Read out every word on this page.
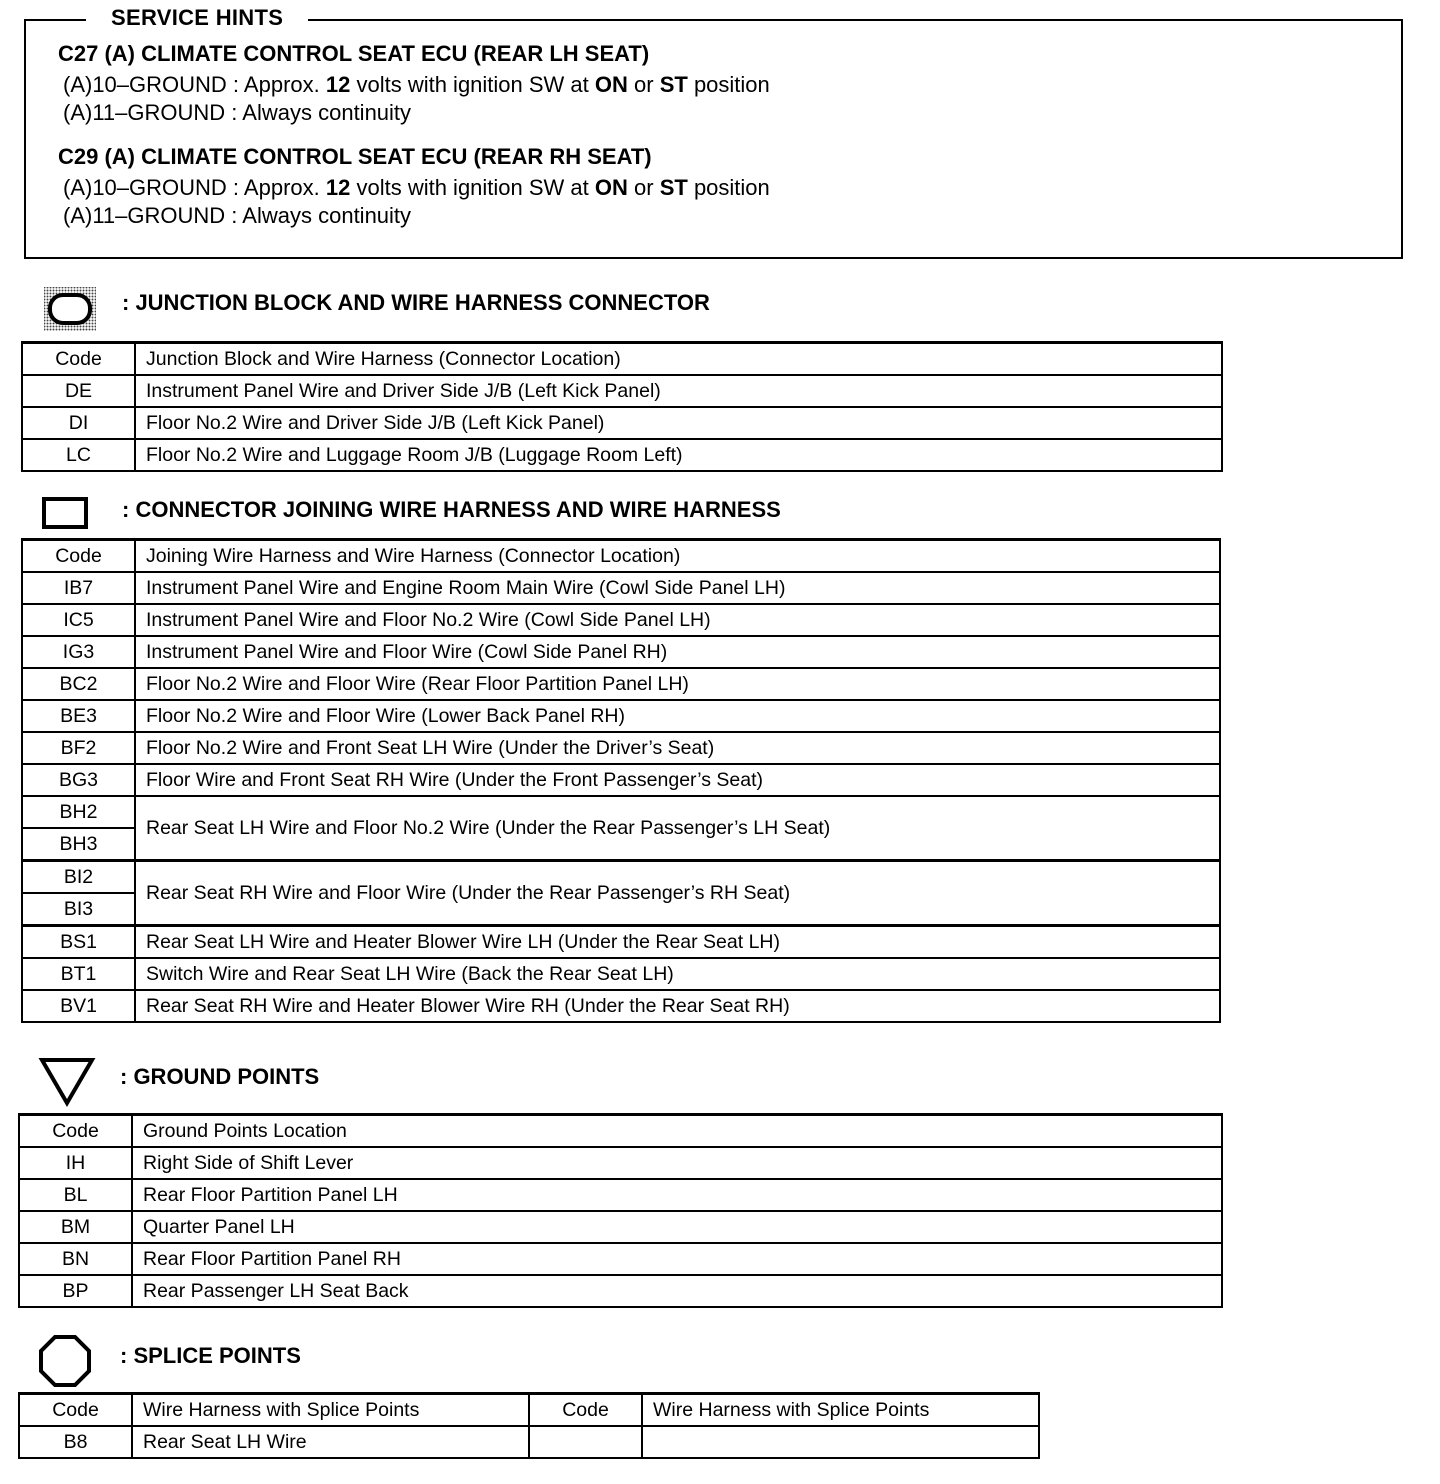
SERVICE HINTS
C27 (A) CLIMATE CONTROL SEAT ECU (REAR LH SEAT)
(A)10–GROUND : Approx. 12 volts with ignition SW at ON or ST position
(A)11–GROUND : Always continuity
C29 (A) CLIMATE CONTROL SEAT ECU (REAR RH SEAT)
(A)10–GROUND : Approx. 12 volts with ignition SW at ON or ST position
(A)11–GROUND : Always continuity
: JUNCTION BLOCK AND WIRE HARNESS CONNECTOR
Code	Junction Block and Wire Harness (Connector Location)
DE	Instrument Panel Wire and Driver Side J/B (Left Kick Panel)
DI	Floor No.2 Wire and Driver Side J/B (Left Kick Panel)
LC	Floor No.2 Wire and Luggage Room J/B (Luggage Room Left)
: CONNECTOR JOINING WIRE HARNESS AND WIRE HARNESS
Code	Joining Wire Harness and Wire Harness (Connector Location)
IB7	Instrument Panel Wire and Engine Room Main Wire (Cowl Side Panel LH)
IC5	Instrument Panel Wire and Floor No.2 Wire (Cowl Side Panel LH)
IG3	Instrument Panel Wire and Floor Wire (Cowl Side Panel RH)
BC2	Floor No.2 Wire and Floor Wire (Rear Floor Partition Panel LH)
BE3	Floor No.2 Wire and Floor Wire (Lower Back Panel RH)
BF2	Floor No.2 Wire and Front Seat LH Wire (Under the Driver’s Seat)
BG3	Floor Wire and Front Seat RH Wire (Under the Front Passenger’s Seat)
BH2	Rear Seat LH Wire and Floor No.2 Wire (Under the Rear Passenger’s LH Seat)
BH3	
BI2	Rear Seat RH Wire and Floor Wire (Under the Rear Passenger’s RH Seat)
BI3	
BS1	Rear Seat LH Wire and Heater Blower Wire LH (Under the Rear Seat LH)
BT1	Switch Wire and Rear Seat LH Wire (Back the Rear Seat LH)
BV1	Rear Seat RH Wire and Heater Blower Wire RH (Under the Rear Seat RH)
: GROUND POINTS
Code	Ground Points Location
IH	Right Side of Shift Lever
BL	Rear Floor Partition Panel LH
BM	Quarter Panel LH
BN	Rear Floor Partition Panel RH
BP	Rear Passenger LH Seat Back
: SPLICE POINTS
Code	Wire Harness with Splice Points	Code	Wire Harness with Splice Points
B8	Rear Seat LH Wire		
